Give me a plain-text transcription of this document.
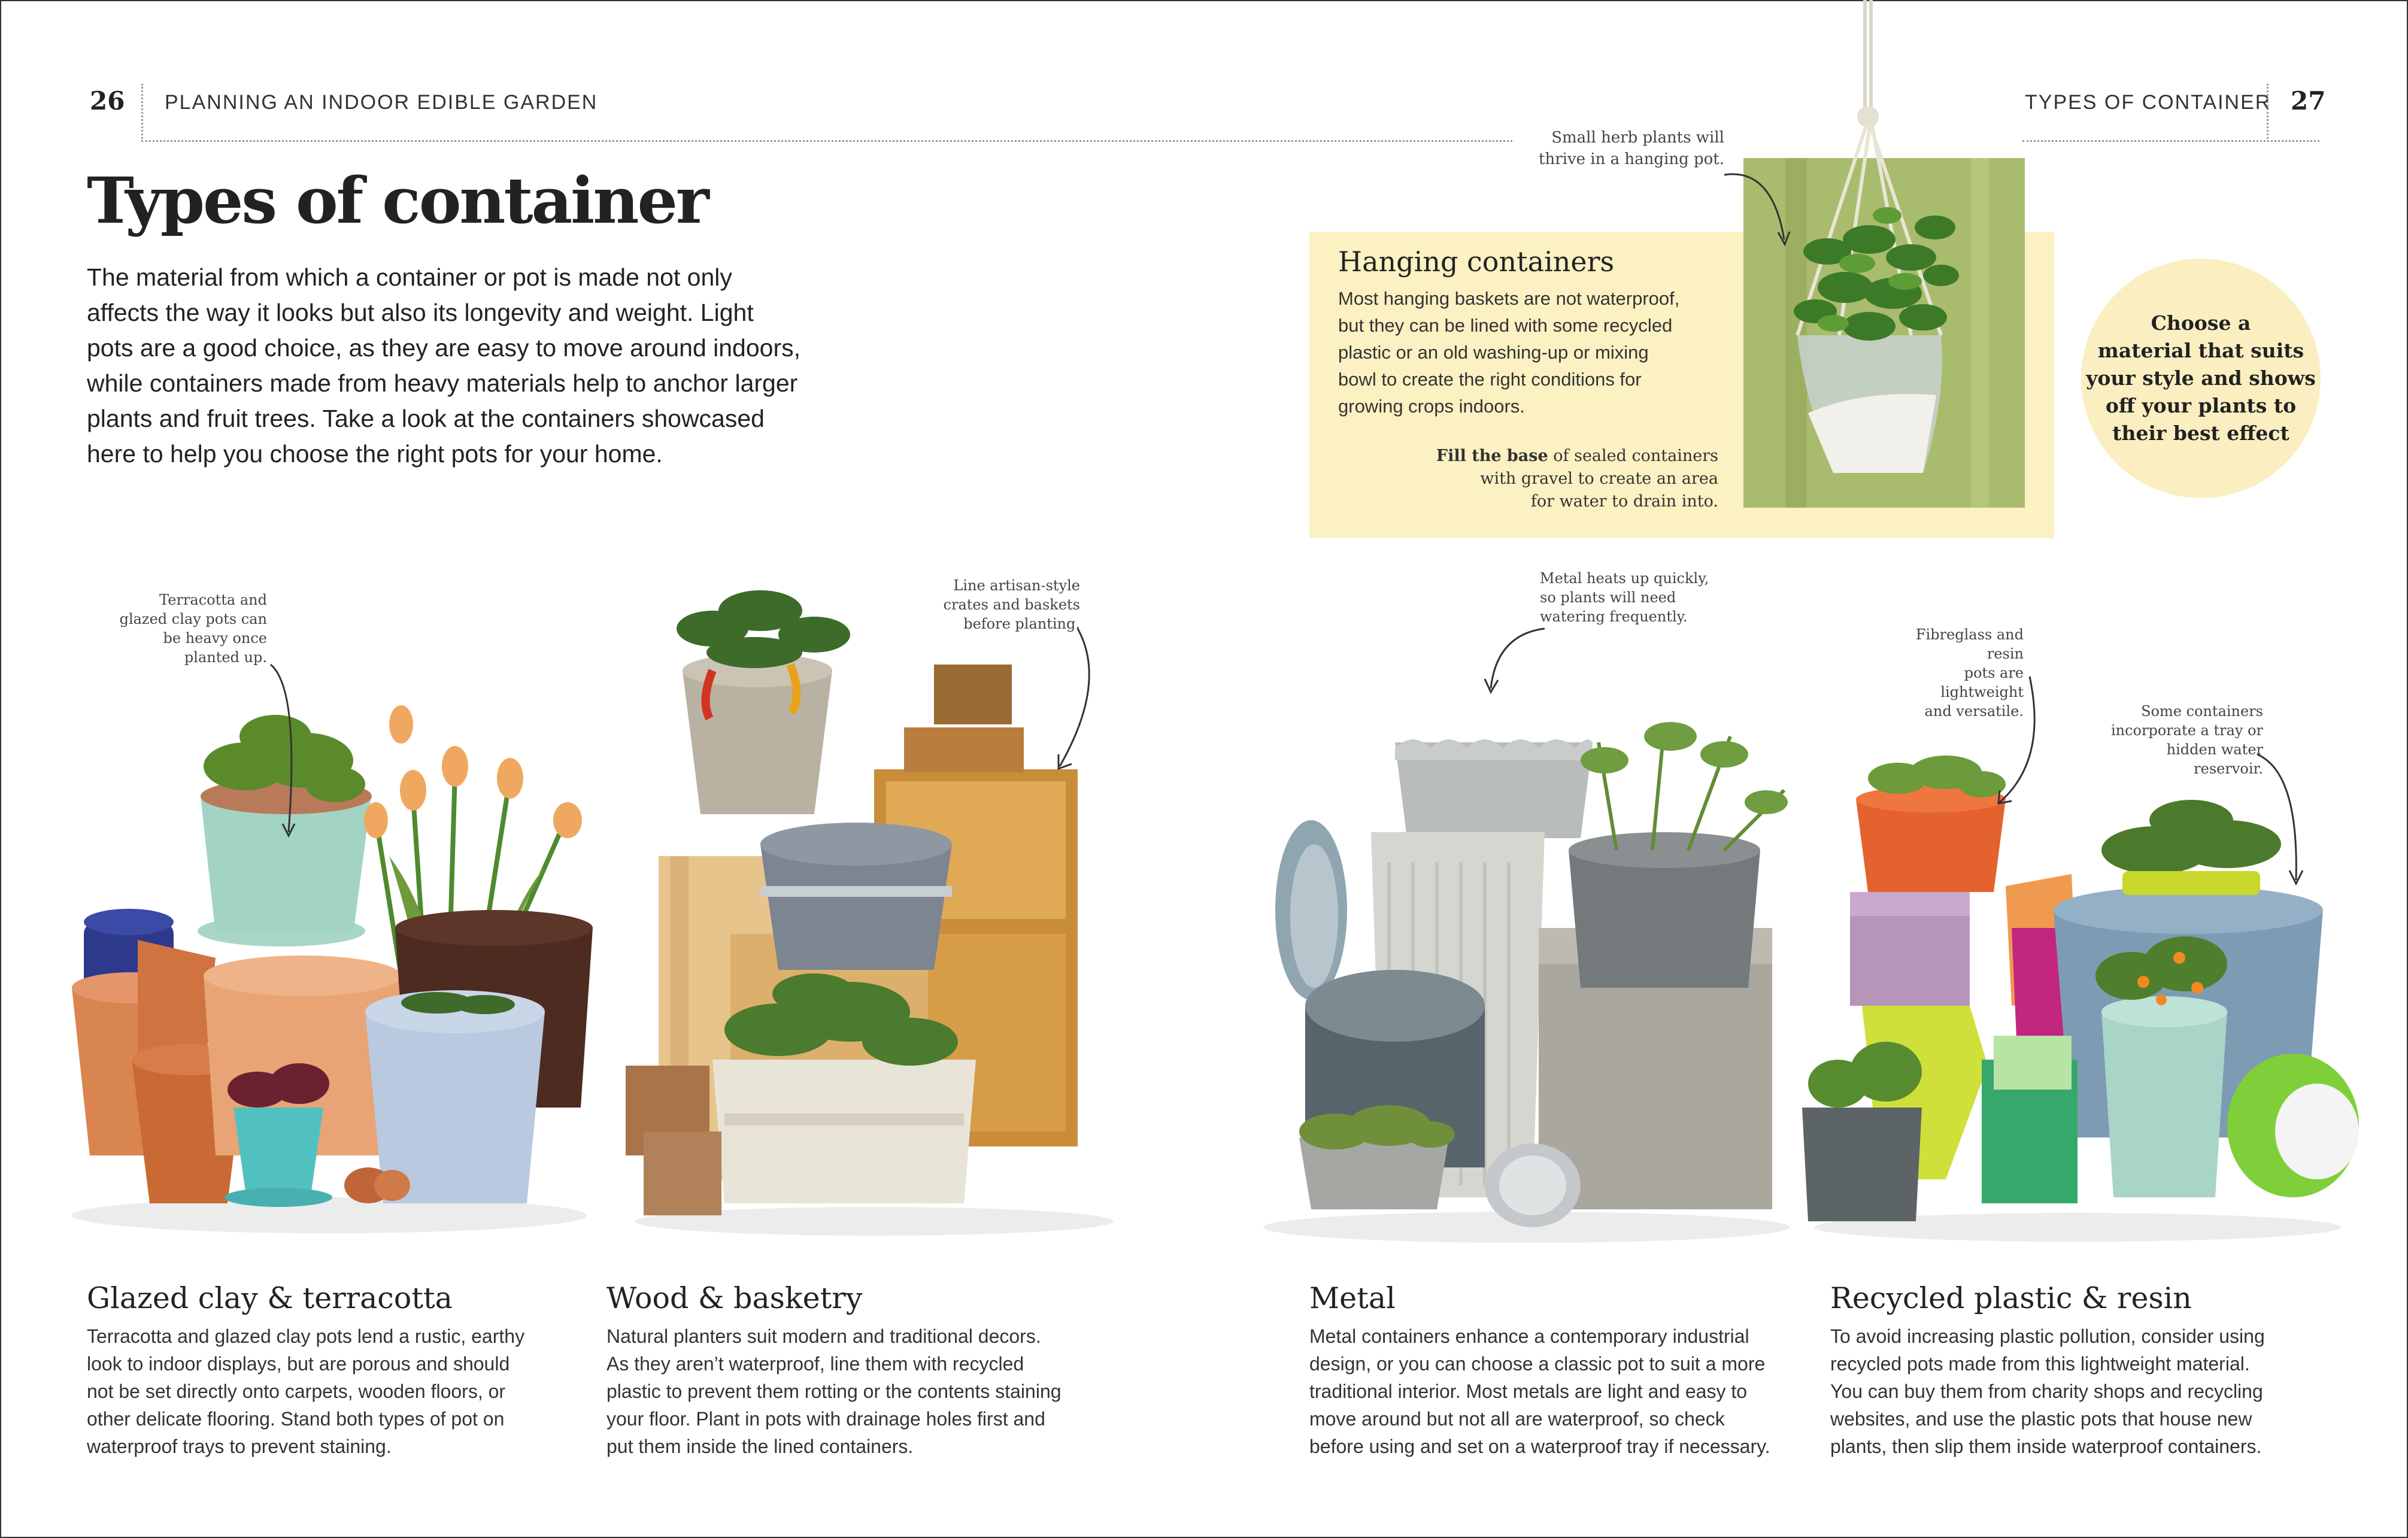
26 PLANNING AN INDOOR EDIBLE GARDEN	TYPES OF CONTAINER 27
Types of container
The material from which a container or pot is made not only
affects the way it looks but also its longevity and weight. Light
pots are a good choice, as they are easy to move around indoors,
while containers made from heavy materials help to anchor larger
plants and fruit trees. Take a look at the containers showcased
here to help you choose the right pots for your home.
Hanging containers
Most hanging baskets are not waterproof,
but they can be lined with some recycled
plastic or an old washing-up or mixing
bowl to create the right conditions for
growing crops indoors.
Fill the base of sealed containers
with gravel to create an area
for water to drain into.
Small herb plants will
thrive in a hanging pot.
Choose a
material that suits
your style and shows
off your plants to
their best effect
Terracotta and
glazed clay pots can
be heavy once
planted up.
Line artisan-style
crates and baskets
before planting.
Metal heats up quickly,
so plants will need
watering frequently.
Fibreglass and resin
pots are lightweight
and versatile.	Some containers
incorporate a tray or
hidden water reservoir.
Glazed clay & terracotta
Terracotta and glazed clay pots lend a rustic, earthy
look to indoor displays, but are porous and should
not be set directly onto carpets, wooden floors, or
other delicate flooring. Stand both types of pot on
waterproof trays to prevent staining.
Wood & basketry
Natural planters suit modern and traditional decors.
As they aren’t waterproof, line them with recycled
plastic to prevent them rotting or the contents staining
your floor. Plant in pots with drainage holes first and
put them inside the lined containers.
Metal
Metal containers enhance a contemporary industrial
design, or you can choose a classic pot to suit a more
traditional interior. Most metals are light and easy to
move around but not all are waterproof, so check
before using and set on a waterproof tray if necessary.
Recycled plastic & resin
To avoid increasing plastic pollution, consider using
recycled pots made from this lightweight material.
You can buy them from charity shops and recycling
websites, and use the plastic pots that house new
plants, then slip them inside waterproof containers.
